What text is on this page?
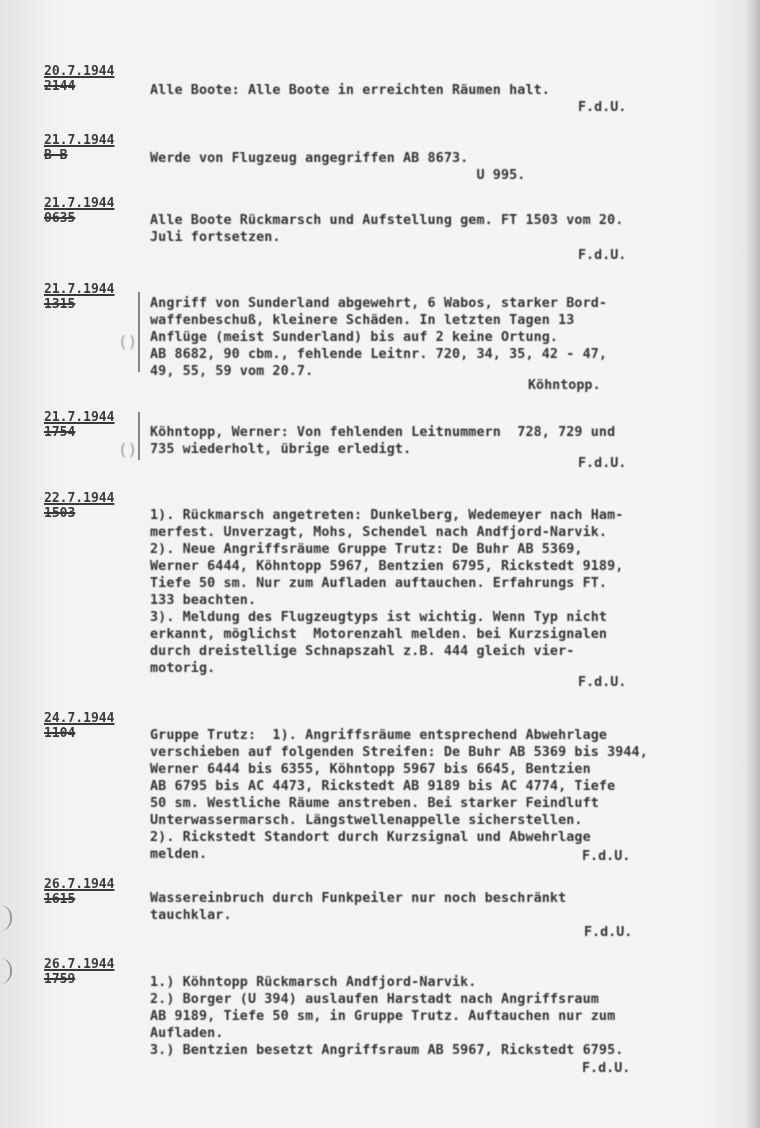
20.7.1944
2144	Alle Boote: Alle Boote in erreichten Räumen halt.
F.d.U.
21.7.1944
B B	Werde von Flugzeug angegriffen AB 8673.
U 995.
21.7.1944
0635	Alle Boote Rückmarsch und Aufstellung gem. FT 1503 vom 20.
Juli fortsetzen.
F.d.U.
21.7.1944
1315
()
Angriff von Sunderland abgewehrt, 6 Wabos, starker Bord-
waffenbeschuß, kleinere Schäden. In letzten Tagen 13
Anflüge (meist Sunderland) bis auf 2 keine Ortung.
AB 8682, 90 cbm., fehlende Leitnr. 720, 34, 35, 42 - 47,
49, 55, 59 vom 20.7.
Köhntopp.
21.7.1944
1754
()
Köhntopp, Werner: Von fehlenden Leitnummern  728, 729 und
735 wiederholt, übrige erledigt.
F.d.U.
22.7.1944
1503	1). Rückmarsch angetreten: Dunkelberg, Wedemeyer nach Ham-
merfest. Unverzagt, Mohs, Schendel nach Andfjord-Narvik.
2). Neue Angriffsräume Gruppe Trutz: De Buhr AB 5369,
Werner 6444, Köhntopp 5967, Bentzien 6795, Rickstedt 9189,
Tiefe 50 sm. Nur zum Aufladen auftauchen. Erfahrungs FT.
133 beachten.
3). Meldung des Flugzeugtyps ist wichtig. Wenn Typ nicht
erkannt, möglichst  Motorenzahl melden. bei Kurzsignalen
durch dreistellige Schnapszahl z.B. 444 gleich vier-
motorig.
F.d.U.
24.7.1944
1104	Gruppe Trutz:  1). Angriffsräume entsprechend Abwehrlage
verschieben auf folgenden Streifen: De Buhr AB 5369 bis 3944,
Werner 6444 bis 6355, Köhntopp 5967 bis 6645, Bentzien
AB 6795 bis AC 4473, Rickstedt AB 9189 bis AC 4774, Tiefe
50 sm. Westliche Räume anstreben. Bei starker Feindluft
Unterwassermarsch. Längstwellenappelle sicherstellen.
2). Rickstedt Standort durch Kurzsignal und Abwehrlage
melden.	F.d.U.
26.7.1944
1615	Wassereinbruch durch Funkpeiler nur noch beschränkt
tauchklar.
F.d.U.
26.7.1944
1759	1.) Köhntopp Rückmarsch Andfjord-Narvik.
2.) Borger (U 394) auslaufen Harstadt nach Angriffsraum
AB 9189, Tiefe 50 sm, in Gruppe Trutz. Auftauchen nur zum
Aufladen.
3.) Bentzien besetzt Angriffsraum AB 5967, Rickstedt 6795.
F.d.U.
